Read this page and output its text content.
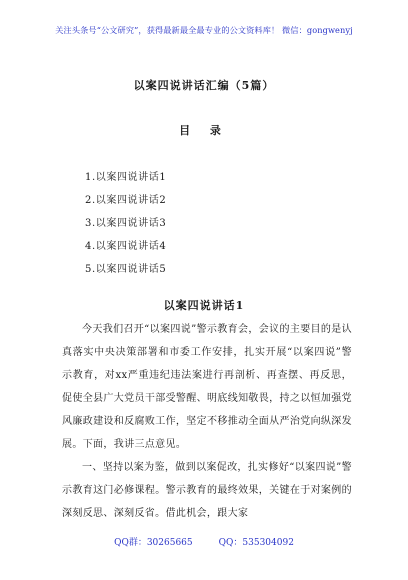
关注头条号“公文研究”，获得最新最全最专业的公文资料库！ 微信：gongwenyj
以案四说讲话汇编（5篇）
目 录
1.以案四说讲话1
2.以案四说讲话2
3.以案四说讲话3
4.以案四说讲话4
5.以案四说讲话5
以案四说讲话1

今天我们召开“以案四说”警示教育会，会议的主要目的是认真落实中央决策部署和市委工作安排，扎实开展“以案四说”警示教育，对xx严重违纪违法案进行再剖析、再查摆、再反思，促使全县广大党员干部受警醒、明底线知敬畏，持之以恒加强党风廉政建设和反腐败工作，坚定不移推动全面从严治党向纵深发展。下面，我讲三点意见。

一、坚持以案为鉴，做到以案促改，扎实修好“以案四说”警示教育这门必修课程。警示教育的最终效果，关键在于对案例的深刻反思、深刻反省。借此机会，跟大家

QQ群：30265665	QQ：535304092
